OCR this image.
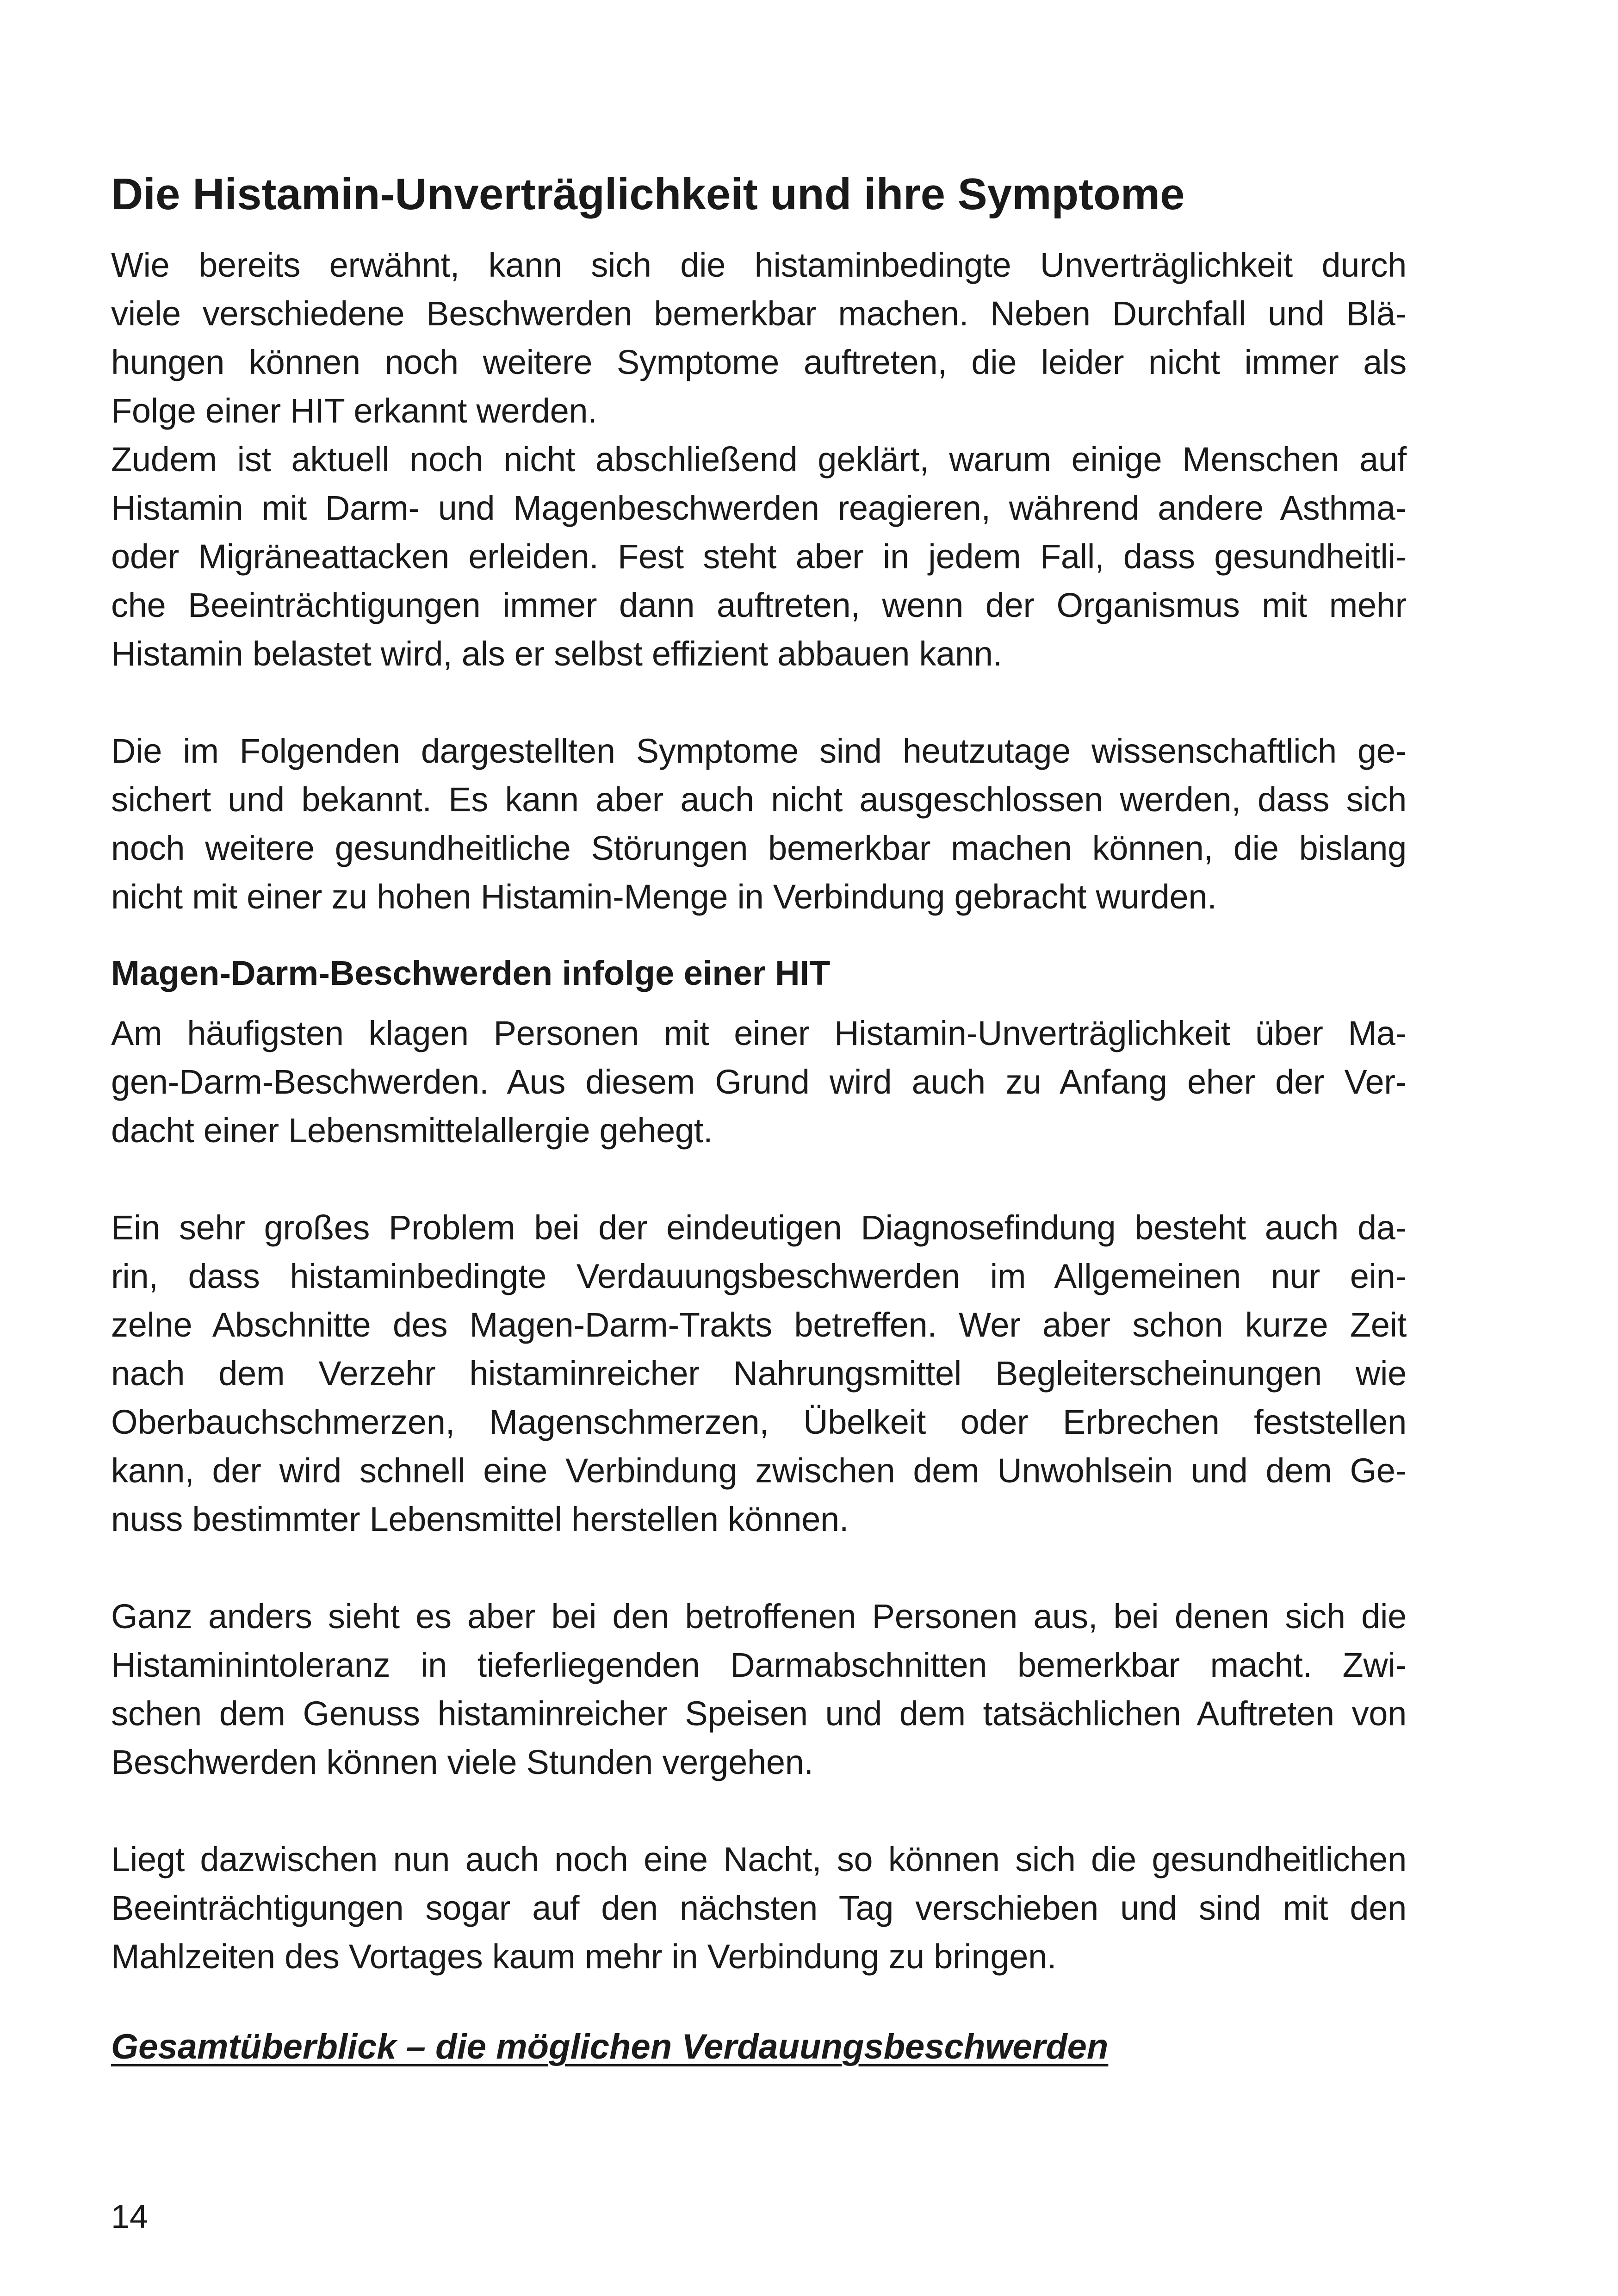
Die Histamin-Unverträglichkeit und ihre Symptome
Wie bereits erwähnt, kann sich die histaminbedingte Unverträglichkeit durch
viele verschiedene Beschwerden bemerkbar machen. Neben Durchfall und Blä-
hungen können noch weitere Symptome auftreten, die leider nicht immer als
Folge einer HIT erkannt werden.
Zudem ist aktuell noch nicht abschließend geklärt, warum einige Menschen auf
Histamin mit Darm- und Magenbeschwerden reagieren, während andere Asthma-
oder Migräneattacken erleiden. Fest steht aber in jedem Fall, dass gesundheitli-
che Beeinträchtigungen immer dann auftreten, wenn der Organismus mit mehr
Histamin belastet wird, als er selbst effizient abbauen kann.
Die im Folgenden dargestellten Symptome sind heutzutage wissenschaftlich ge-
sichert und bekannt. Es kann aber auch nicht ausgeschlossen werden, dass sich
noch weitere gesundheitliche Störungen bemerkbar machen können, die bislang
nicht mit einer zu hohen Histamin-Menge in Verbindung gebracht wurden.
Magen-Darm-Beschwerden infolge einer HIT
Am häufigsten klagen Personen mit einer Histamin-Unverträglichkeit über Ma-
gen-Darm-Beschwerden. Aus diesem Grund wird auch zu Anfang eher der Ver-
dacht einer Lebensmittelallergie gehegt.
Ein sehr großes Problem bei der eindeutigen Diagnosefindung besteht auch da-
rin, dass histaminbedingte Verdauungsbeschwerden im Allgemeinen nur ein-
zelne Abschnitte des Magen-Darm-Trakts betreffen. Wer aber schon kurze Zeit
nach dem Verzehr histaminreicher Nahrungsmittel Begleiterscheinungen wie
Oberbauchschmerzen, Magenschmerzen, Übelkeit oder Erbrechen feststellen
kann, der wird schnell eine Verbindung zwischen dem Unwohlsein und dem Ge-
nuss bestimmter Lebensmittel herstellen können.
Ganz anders sieht es aber bei den betroffenen Personen aus, bei denen sich die
Histaminintoleranz in tieferliegenden Darmabschnitten bemerkbar macht. Zwi-
schen dem Genuss histaminreicher Speisen und dem tatsächlichen Auftreten von
Beschwerden können viele Stunden vergehen.
Liegt dazwischen nun auch noch eine Nacht, so können sich die gesundheitlichen
Beeinträchtigungen sogar auf den nächsten Tag verschieben und sind mit den
Mahlzeiten des Vortages kaum mehr in Verbindung zu bringen.
Gesamtüberblick – die möglichen Verdauungsbeschwerden
14
